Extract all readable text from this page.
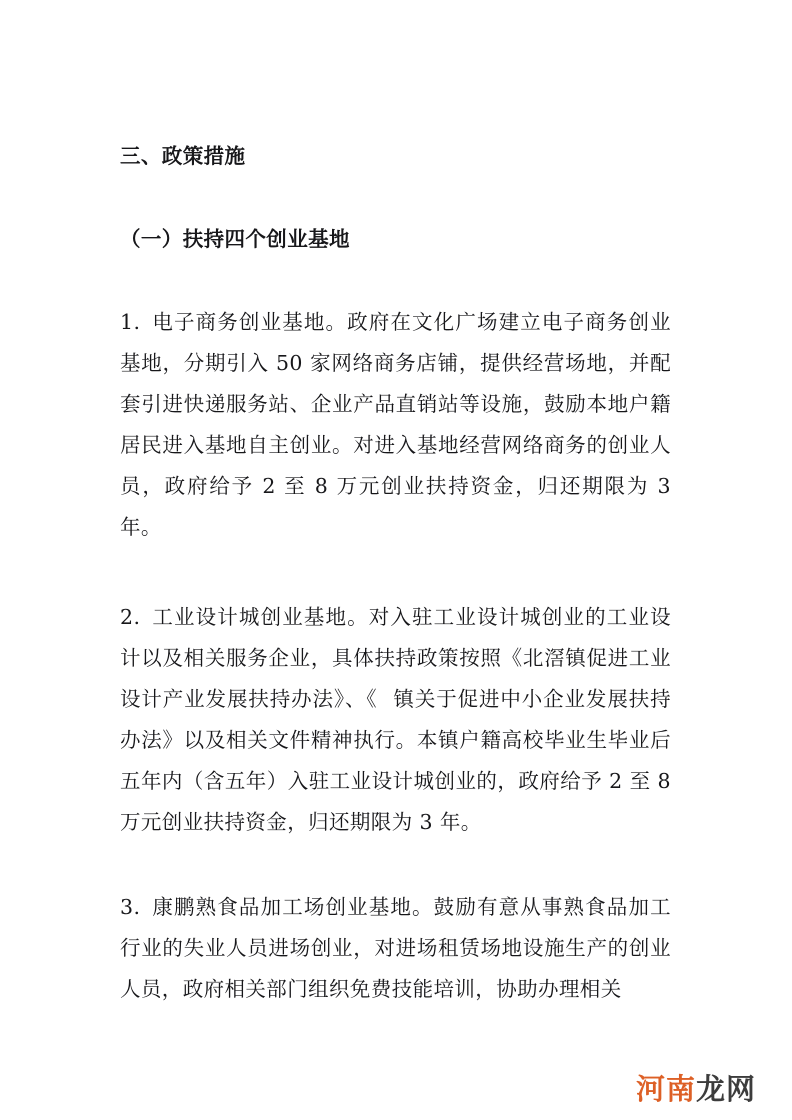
三、政策措施
（一）扶持四个创业基地

1. 电子商务创业基地。政府在文化广场建立电子商务创业基地，分期引入 50 家网络商务店铺，提供经营场地，并配套引进快递服务站、企业产品直销站等设施，鼓励本地户籍居民进入基地自主创业。对进入基地经营网络商务的创业人员，政府给予 2 至 8 万元创业扶持资金，归还期限为 3 年。

2. 工业设计城创业基地。对入驻工业设计城创业的工业设计以及相关服务企业，具体扶持政策按照《北滘镇促进工业设计产业发展扶持办法》、《 镇关于促进中小企业发展扶持办法》以及相关文件精神执行。本镇户籍高校毕业生毕业后五年内（含五年）入驻工业设计城创业的，政府给予 2 至 8 万元创业扶持资金，归还期限为 3 年。

3. 康鹏熟食品加工场创业基地。鼓励有意从事熟食品加工行业的失业人员进场创业，对进场租赁场地设施生产的创业人员，政府相关部门组织免费技能培训，协助办理相关

河南龙网
